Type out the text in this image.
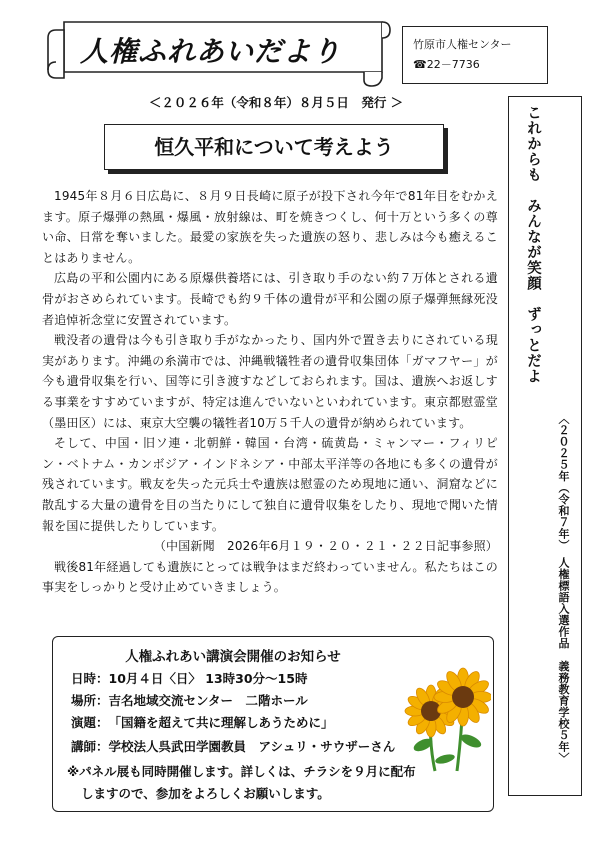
人権ふれあいだより	竹原市人権センター
☎22－7736
＜２０２６年（令和８年）８月５日　発行 ＞
恒久平和について考えよう

1945年８月６日広島に、８月９日長崎に原子が投下され今年で81年目をむかえます。原子爆弾の熱風・爆風・放射線は、町を焼きつくし、何十万という多くの尊い命、日常を奪いました。最愛の家族を失った遺族の怒り、悲しみは今も癒えることはありません。

広島の平和公園内にある原爆供養塔には、引き取り手のない約７万体とされる遺骨がおさめられています。長崎でも約９千体の遺骨が平和公園の原子爆弾無縁死没者追悼祈念堂に安置されています。

戦没者の遺骨は今も引き取り手がなかったり、国内外で置き去りにされている現実があります。沖縄の糸満市では、沖縄戦犠牲者の遺骨収集団体「ガマフヤー」が今も遺骨収集を行い、国等に引き渡すなどしておられます。国は、遺族へお返しする事業をすすめていますが、特定は進んでいないといわれています。東京都慰霊堂（墨田区）には、東京大空襲の犠牲者10万５千人の遺骨が納められています。

そして、中国・旧ソ連・北朝鮮・韓国・台湾・硫黄島・ミャンマー・フィリピン・ベトナム・カンボジア・インドネシア・中部太平洋等の各地にも多くの遺骨が残されています。戦友を失った元兵士や遺族は慰霊のため現地に通い、洞窟などに散乱する大量の遺骨を目の当たりにして独自に遺骨収集をしたり、現地で聞いた情報を国に提供したりしています。

（中国新聞　2026年6月１９・２０・２１・２２日記事参照）

戦後81年経過しても遺族にとっては戦争はまだ終わっていません。私たちはこの事実をしっかりと受け止めていきましょう。

これからも　みんなが笑顔　ずっとだよ
〈２０２５年（令和７年）　人権標語入選作品　義務教育学校５年〉
人権ふれあい講演会開催のお知らせ
日時：10月４日〈日〉 13時30分～15時
場所：吉名地域交流センター　二階ホール
演題：「国籍を超えて共に理解しあうために」
講師：学校法人呉武田学園教員　アシュリ・サウザーさん
※パネル展も同時開催します。詳しくは、チラシを９月に配布
しますので、参加をよろしくお願いします。
